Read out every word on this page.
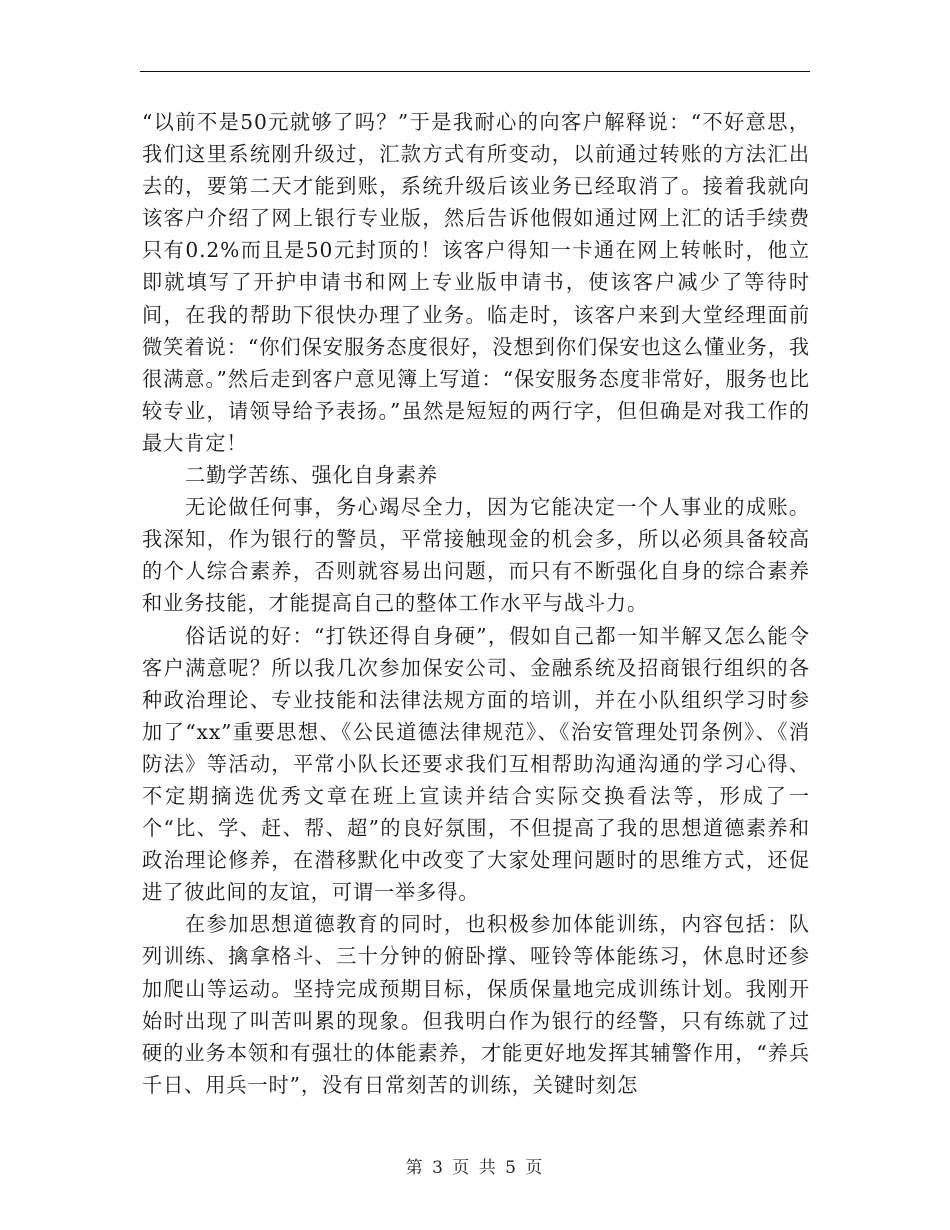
“以前不是50元就够了吗？”于是我耐心的向客户解释说：“不好意思，我们这里系统刚升级过，汇款方式有所变动，以前通过转账的方法汇出去的，要第二天才能到账，系统升级后该业务已经取消了。接着我就向该客户介绍了网上银行专业版，然后告诉他假如通过网上汇的话手续费只有0.2%而且是50元封顶的！该客户得知一卡通在网上转帐时，他立即就填写了开护申请书和网上专业版申请书，使该客户减少了等待时间，在我的帮助下很快办理了业务。临走时，该客户来到大堂经理面前微笑着说：“你们保安服务态度很好，没想到你们保安也这么懂业务，我很满意。”然后走到客户意见簿上写道：“保安服务态度非常好，服务也比较专业，请领导给予表扬。”虽然是短短的两行字，但但确是对我工作的最大肯定！

二勤学苦练、强化自身素养

无论做任何事，务心竭尽全力，因为它能决定一个人事业的成账。我深知，作为银行的警员，平常接触现金的机会多，所以必须具备较高的个人综合素养，否则就容易出问题，而只有不断强化自身的综合素养和业务技能，才能提高自己的整体工作水平与战斗力。

俗话说的好：“打铁还得自身硬”，假如自己都一知半解又怎么能令客户满意呢？所以我几次参加保安公司、金融系统及招商银行组织的各种政治理论、专业技能和法律法规方面的培训，并在小队组织学习时参加了“xx”重要思想、《公民道德法律规范》、《治安管理处罚条例》、《消防法》等活动，平常小队长还要求我们互相帮助沟通沟通的学习心得、不定期摘选优秀文章在班上宣读并结合实际交换看法等，形成了一个“比、学、赶、帮、超”的良好氛围，不但提高了我的思想道德素养和政治理论修养，在潜移默化中改变了大家处理问题时的思维方式，还促进了彼此间的友谊，可谓一举多得。

在参加思想道德教育的同时，也积极参加体能训练，内容包括：队列训练、擒拿格斗、三十分钟的俯卧撑、哑铃等体能练习，休息时还参加爬山等运动。坚持完成预期目标，保质保量地完成训练计划。我刚开始时出现了叫苦叫累的现象。但我明白作为银行的经警，只有练就了过硬的业务本领和有强壮的体能素养，才能更好地发挥其辅警作用，“养兵千日、用兵一时”，没有日常刻苦的训练，关键时刻怎

第 3 页 共 5 页
